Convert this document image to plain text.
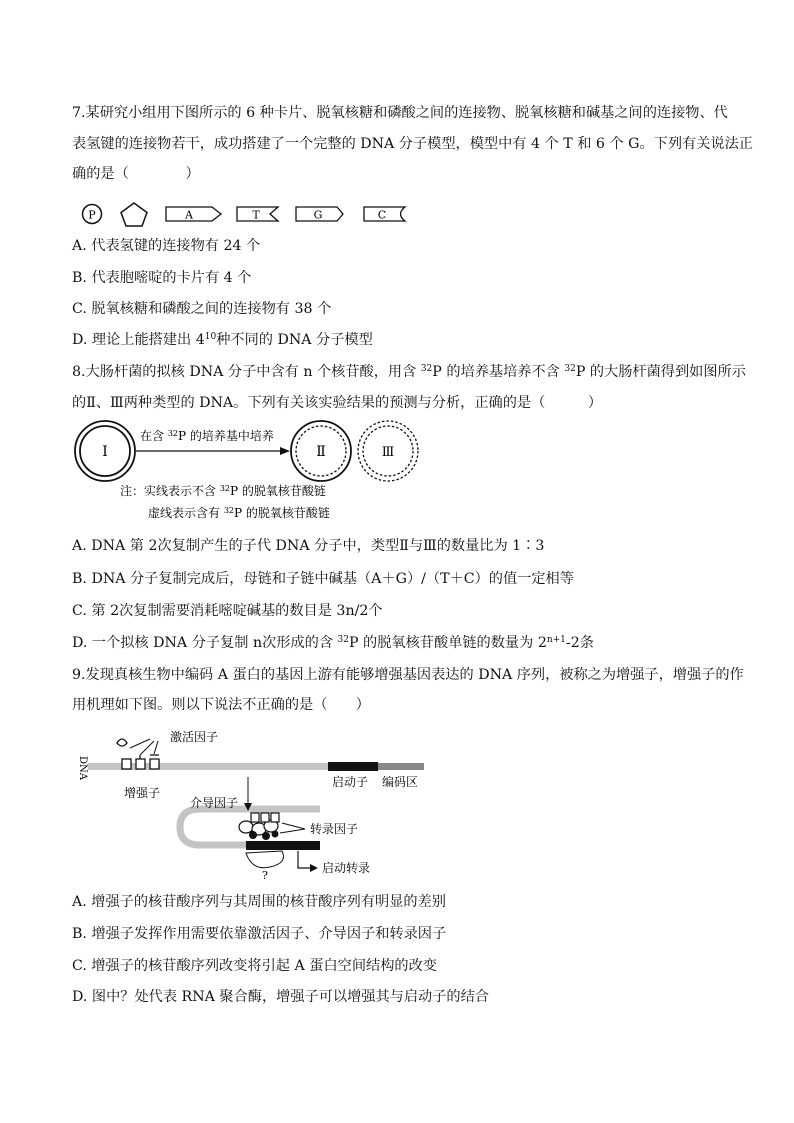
7.某研究小组用下图所示的 6 种卡片、脱氧核糖和磷酸之间的连接物、脱氧核糖和碱基之间的连接物、代
表氢键的连接物若干，成功搭建了一个完整的 DNA 分子模型，模型中有 4 个 T 和 6 个 G。下列有关说法正
确的是（　　　　）
P	A	T	G	C
A. 代表氢键的连接物有 24 个
B. 代表胞嘧啶的卡片有 4 个
C. 脱氧核糖和磷酸之间的连接物有 38 个
D. 理论上能搭建出 $4^{10}$种不同的 DNA 分子模型
8.大肠杆菌的拟核 DNA 分子中含有 n 个核苷酸，用含 $^{32}$P 的培养基培养不含 $^{32}$P 的大肠杆菌得到如图所示
的Ⅱ、Ⅲ两种类型的 DNA。下列有关该实验结果的预测与分析，正确的是（　　　）
I
在含 $^{32}$P 的培养基中培养
Ⅱ	Ⅲ
注：实线表示不含 $^{32}$P 的脱氧核苷酸链
虚线表示含有 $^{32}$P 的脱氧核苷酸链
A. DNA 第 2次复制产生的子代 DNA 分子中，类型Ⅱ与Ⅲ的数量比为 1∶3
B. DNA 分子复制完成后，母链和子链中碱基（A＋G）/（T＋C）的值一定相等
C. 第 2次复制需要消耗嘧啶碱基的数目是 3n/2个
D. 一个拟核 DNA 分子复制 n次形成的含 $^{32}$P 的脱氧核苷酸单链的数量为 $2^{n+1}-2$条
9.发现真核生物中编码 A 蛋白的基因上游有能够增强基因表达的 DNA 序列，被称之为增强子，增强子的作
用机理如下图。则以下说法不正确的是（　　）
DNA
激活因子
增强子
启动子 编码区
介导因子
转录因子
?
启动转录
A. 增强子的核苷酸序列与其周围的核苷酸序列有明显的差别
B. 增强子发挥作用需要依靠激活因子、介导因子和转录因子
C. 增强子的核苷酸序列改变将引起 A 蛋白空间结构的改变
D. 图中？处代表 RNA 聚合酶，增强子可以增强其与启动子的结合
